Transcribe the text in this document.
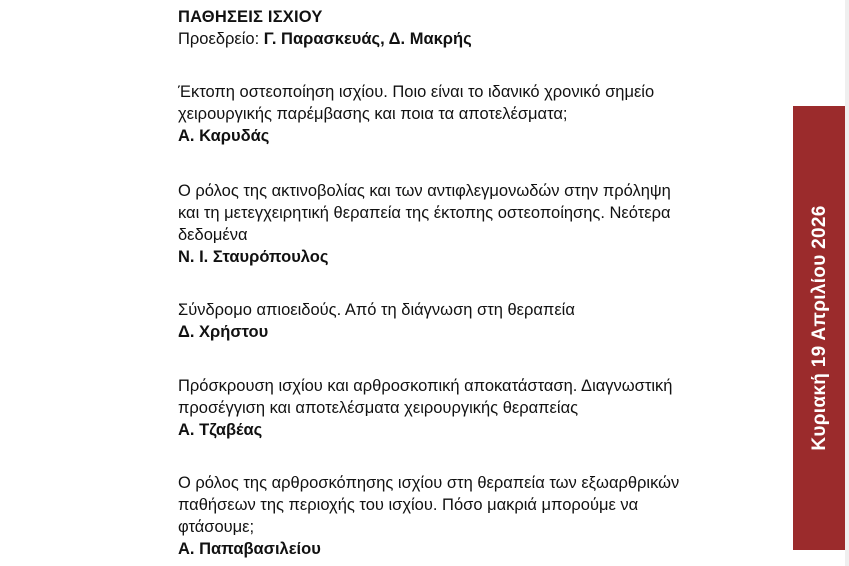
ΠΑΘΗΣΕΙΣ ΙΣΧΙΟΥ
Προεδρείο: Γ. Παρασκευάς, Δ. Μακρής
Έκτοπη οστεοποίηση ισχίου. Ποιο είναι το ιδανικό χρονικό σημείο
χειρουργικής παρέμβασης και ποια τα αποτελέσματα;
Α. Καρυδάς
Ο ρόλος της ακτινοβολίας και των αντιφλεγμονωδών στην πρόληψη
και τη μετεγχειρητική θεραπεία της έκτοπης οστεοποίησης. Νεότερα
δεδομένα
Ν. Ι. Σταυρόπουλος
Σύνδρομο απιοειδούς. Από τη διάγνωση στη θεραπεία
Δ. Χρήστου
Πρόσκρουση ισχίου και αρθροσκοπική αποκατάσταση. Διαγνωστική
προσέγγιση και αποτελέσματα χειρουργικής θεραπείας
Α. Τζαβέας
Ο ρόλος της αρθροσκόπησης ισχίου στη θεραπεία των εξωαρθρικών
παθήσεων της περιοχής του ισχίου. Πόσο μακριά μπορούμε να
φτάσουμε;
Α. Παπαβασιλείου
Κυριακή 19 Απριλίου 2026
